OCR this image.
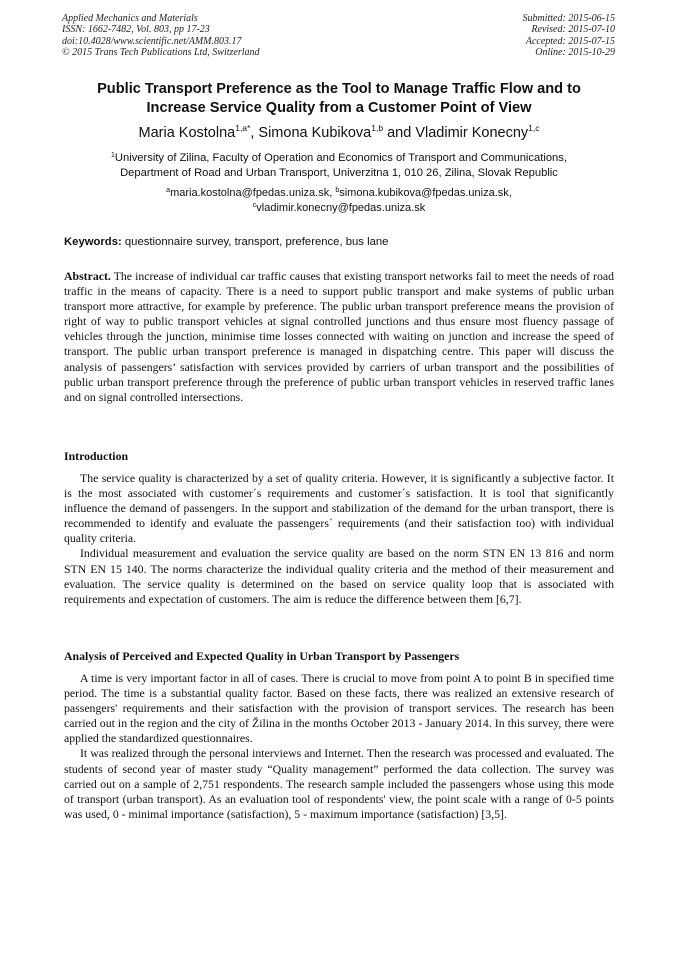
Applied Mechanics and Materials
ISSN: 1662-7482, Vol. 803, pp 17-23
doi:10.4028/www.scientific.net/AMM.803.17
© 2015 Trans Tech Publications Ltd, Switzerland
Submitted: 2015-06-15
Revised: 2015-07-10
Accepted: 2015-07-15
Online: 2015-10-29
Public Transport Preference as the Tool to Manage Traffic Flow and to
Increase Service Quality from a Customer Point of View
Maria Kostolna$^{1,a*}$, Simona Kubikova$^{1,b}$ and Vladimir Konecny$^{1,c}$
$^1$University of Zilina, Faculty of Operation and Economics of Transport and Communications,
Department of Road and Urban Transport, Univerzitna 1, 010 26, Zilina, Slovak Republic
$^a$maria.kostolna@fpedas.uniza.sk, $^b$simona.kubikova@fpedas.uniza.sk,
$^c$vladimir.konecny@fpedas.uniza.sk
Keywords: questionnaire survey, transport, preference, bus lane

Abstract. The increase of individual car traffic causes that existing transport networks fail to meet the needs of road traffic in the means of capacity. There is a need to support public transport and make systems of public urban transport more attractive, for example by preference. The public urban transport preference means the provision of right of way to public transport vehicles at signal controlled junctions and thus ensure most fluency passage of vehicles through the junction, minimise time losses connected with waiting on junction and increase the speed of transport. The public urban transport preference is managed in dispatching centre. This paper will discuss the analysis of passengers’ satisfaction with services provided by carriers of urban transport and the possibilities of public urban transport preference through the preference of public urban transport vehicles in reserved traffic lanes and on signal controlled intersections.

Introduction

The service quality is characterized by a set of quality criteria. However, it is significantly a subjective factor. It is the most associated with customer´s requirements and customer´s satisfaction. It is tool that significantly influence the demand of passengers. In the support and stabilization of the demand for the urban transport, there is recommended to identify and evaluate the passengers´ requirements (and their satisfaction too) with individual quality criteria.

Individual measurement and evaluation the service quality are based on the norm STN EN 13 816 and norm STN EN 15 140. The norms characterize the individual quality criteria and the method of their measurement and evaluation. The service quality is determined on the based on service quality loop that is associated with requirements and expectation of customers. The aim is reduce the difference between them [6,7].

Analysis of Perceived and Expected Quality in Urban Transport by Passengers

A time is very important factor in all of cases. There is crucial to move from point A to point B in specified time period. The time is a substantial quality factor. Based on these facts, there was realized an extensive research of passengers' requirements and their satisfaction with the provision of transport services. The research has been carried out in the region and the city of Žilina in the months October 2013 - January 2014. In this survey, there were applied the standardized questionnaires.

It was realized through the personal interviews and Internet. Then the research was processed and evaluated. The students of second year of master study “Quality management” performed the data collection. The survey was carried out on a sample of 2,751 respondents. The research sample included the passengers whose using this mode of transport (urban transport). As an evaluation tool of respondents' view, the point scale with a range of 0-5 points was used, 0 - minimal importance (satisfaction), 5 - maximum importance (satisfaction) [3,5].
